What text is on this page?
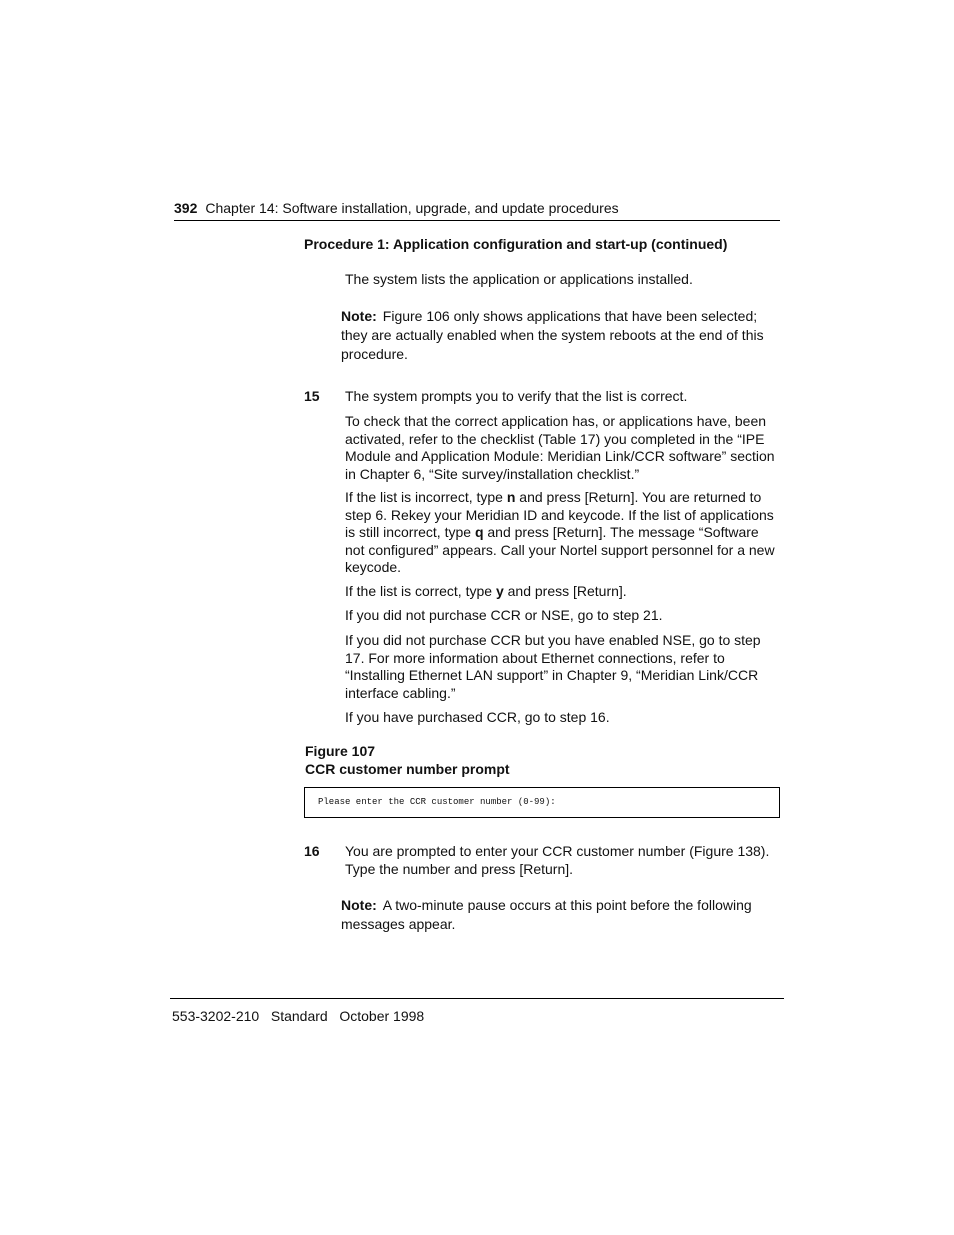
392 Chapter 14: Software installation, upgrade, and update procedures
Procedure 1: Application configuration and start-up (continued)
The system lists the application or applications installed.
Note: Figure 106 only shows applications that have been selected; they are actually enabled when the system reboots at the end of this procedure.
15 The system prompts you to verify that the list is correct.
To check that the correct application has, or applications have, been activated, refer to the checklist (Table 17) you completed in the “IPE Module and Application Module: Meridian Link/CCR software” section in Chapter 6, “Site survey/installation checklist.”
If the list is incorrect, type n and press [Return]. You are returned to step 6. Rekey your Meridian ID and keycode. If the list of applications is still incorrect, type q and press [Return]. The message “Software not configured” appears. Call your Nortel support personnel for a new keycode.
If the list is correct, type y and press [Return].
If you did not purchase CCR or NSE, go to step 21.
If you did not purchase CCR but you have enabled NSE, go to step 17. For more information about Ethernet connections, refer to “Installing Ethernet LAN support” in Chapter 9, “Meridian Link/CCR interface cabling.”
If you have purchased CCR, go to step 16.
Figure 107
CCR customer number prompt
Please enter the CCR customer number (0-99):
16 You are prompted to enter your CCR customer number (Figure 138). Type the number and press [Return].
Note: A two-minute pause occurs at this point before the following messages appear.
553-3202-210 Standard October 1998
